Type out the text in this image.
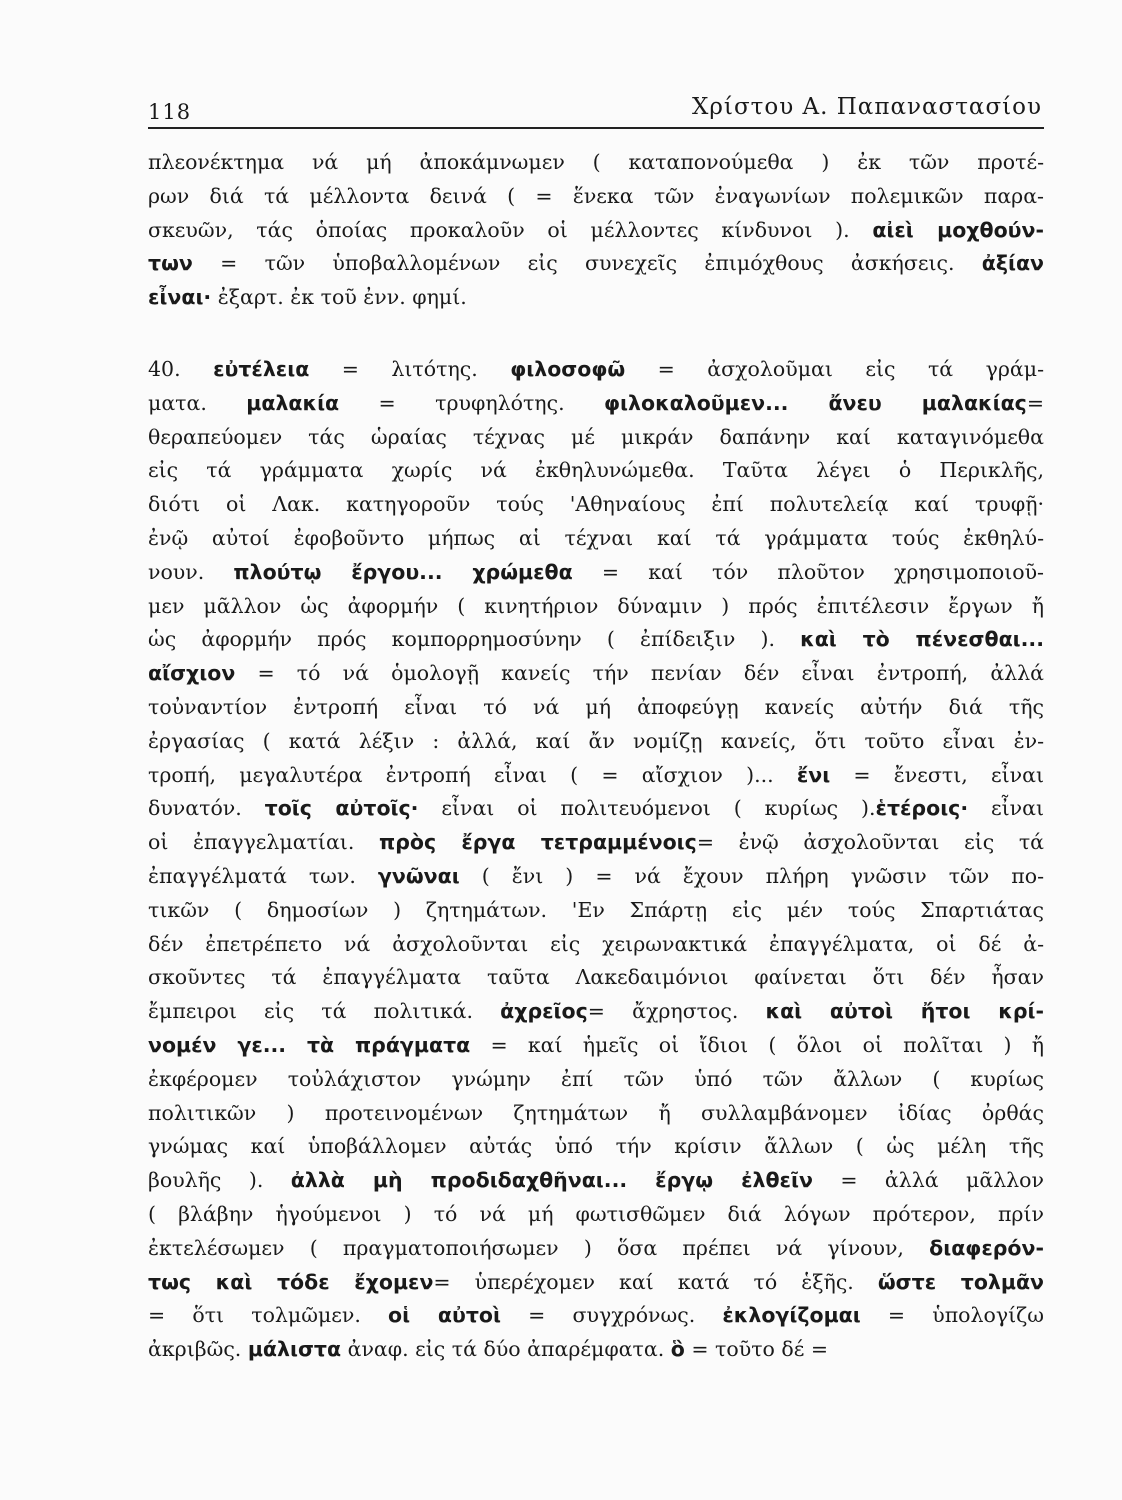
118	Χρίστου Α. Παπαναστασίου
πλεονέκτημα νά μή ἀποκάμνωμεν ( καταπονούμεθα ) ἐκ τῶν προτέ-
ρων διά τά μέλλοντα δεινά ( = ἕνεκα τῶν ἐναγωνίων πολεμικῶν παρα-
σκευῶν, τάς ὁποίας προκαλοῦν οἱ μέλλοντες κίνδυνοι ). αἰεὶ μοχθούν-
των = τῶν ὑποβαλλομένων εἰς συνεχεῖς ἐπιμόχθους ἀσκήσεις. ἀξίαν
εἶναι· ἐξαρτ. ἐκ τοῦ ἐνν. φημί.
40. εὐτέλεια = λιτότης. φιλοσοφῶ = ἀσχολοῦμαι εἰς τά γράμ-
ματα. μαλακία = τρυφηλότης. φιλοκαλοῦμεν... ἄνευ μαλακίας=
θεραπεύομεν τάς ὡραίας τέχνας μέ μικράν δαπάνην καί καταγινόμεθα
εἰς τά γράμματα χωρίς νά ἐκθηλυνώμεθα. Ταῦτα λέγει ὁ Περικλῆς,
διότι οἱ Λακ. κατηγοροῦν τούς 'Αθηναίους ἐπί πολυτελείᾳ καί τρυφῇ·
ἐνῷ αὐτοί ἐφοβοῦντο μήπως αἱ τέχναι καί τά γράμματα τούς ἐκθηλύ-
νουν. πλούτῳ ἔργου... χρώμεθα = καί τόν πλοῦτον χρησιμοποιοῦ-
μεν μᾶλλον ὡς ἀφορμήν ( κινητήριον δύναμιν ) πρός ἐπιτέλεσιν ἔργων ἤ
ὡς ἀφορμήν πρός κομπορρημοσύνην ( ἐπίδειξιν ). καὶ τὸ πένεσθαι...
αἴσχιον = τό νά ὁμολογῇ κανείς τήν πενίαν δέν εἶναι ἐντροπή, ἀλλά
τοὐναντίον ἐντροπή εἶναι τό νά μή ἀποφεύγῃ κανείς αὐτήν διά τῆς
ἐργασίας ( κατά λέξιν : ἀλλά, καί ἄν νομίζῃ κανείς, ὅτι τοῦτο εἶναι ἐν-
τροπή, μεγαλυτέρα ἐντροπή εἶναι ( = αἴσχιον )... ἔνι = ἔνεστι, εἶναι
δυνατόν. τοῖς αὐτοῖς· εἶναι οἱ πολιτευόμενοι ( κυρίως ).ἑτέροις· εἶναι
οἱ ἐπαγγελματίαι. πρὸς ἔργα τετραμμένοις= ἐνῷ ἀσχολοῦνται εἰς τά
ἐπαγγέλματά των. γνῶναι ( ἔνι ) = νά ἔχουν πλήρη γνῶσιν τῶν πο-
τικῶν ( δημοσίων ) ζητημάτων. 'Εν Σπάρτῃ εἰς μέν τούς Σπαρτιάτας
δέν ἐπετρέπετο νά ἀσχολοῦνται εἰς χειρωνακτικά ἐπαγγέλματα, οἱ δέ ἀ-
σκοῦντες τά ἐπαγγέλματα ταῦτα Λακεδαιμόνιοι φαίνεται ὅτι δέν ἦσαν
ἔμπειροι εἰς τά πολιτικά. ἀχρεῖος= ἄχρηστος. καὶ αὐτοὶ ἤτοι κρί-
νομέν γε... τὰ πράγματα = καί ἡμεῖς οἱ ἴδιοι ( ὅλοι οἱ πολῖται ) ἤ
ἐκφέρομεν τοὐλάχιστον γνώμην ἐπί τῶν ὑπό τῶν ἄλλων ( κυρίως
πολιτικῶν ) προτεινομένων ζητημάτων ἤ συλλαμβάνομεν ἰδίας ὀρθάς
γνώμας καί ὑποβάλλομεν αὐτάς ὑπό τήν κρίσιν ἄλλων ( ὡς μέλη τῆς
βουλῆς ). ἀλλὰ μὴ προδιδαχθῆναι... ἔργῳ ἐλθεῖν = ἀλλά μᾶλλον
( βλάβην ἡγούμενοι ) τό νά μή φωτισθῶμεν διά λόγων πρότερον, πρίν
ἐκτελέσωμεν ( πραγματοποιήσωμεν ) ὅσα πρέπει νά γίνουν, διαφερόν-
τως καὶ τόδε ἔχομεν= ὑπερέχομεν καί κατά τό ἑξῆς. ὥστε τολμᾶν
= ὅτι τολμῶμεν. οἱ αὐτοὶ = συγχρόνως. ἐκλογίζομαι = ὑπολογίζω
ἀκριβῶς. μάλιστα ἀναφ. εἰς τά δύο ἀπαρέμφατα. ὃ = τοῦτο δέ =
